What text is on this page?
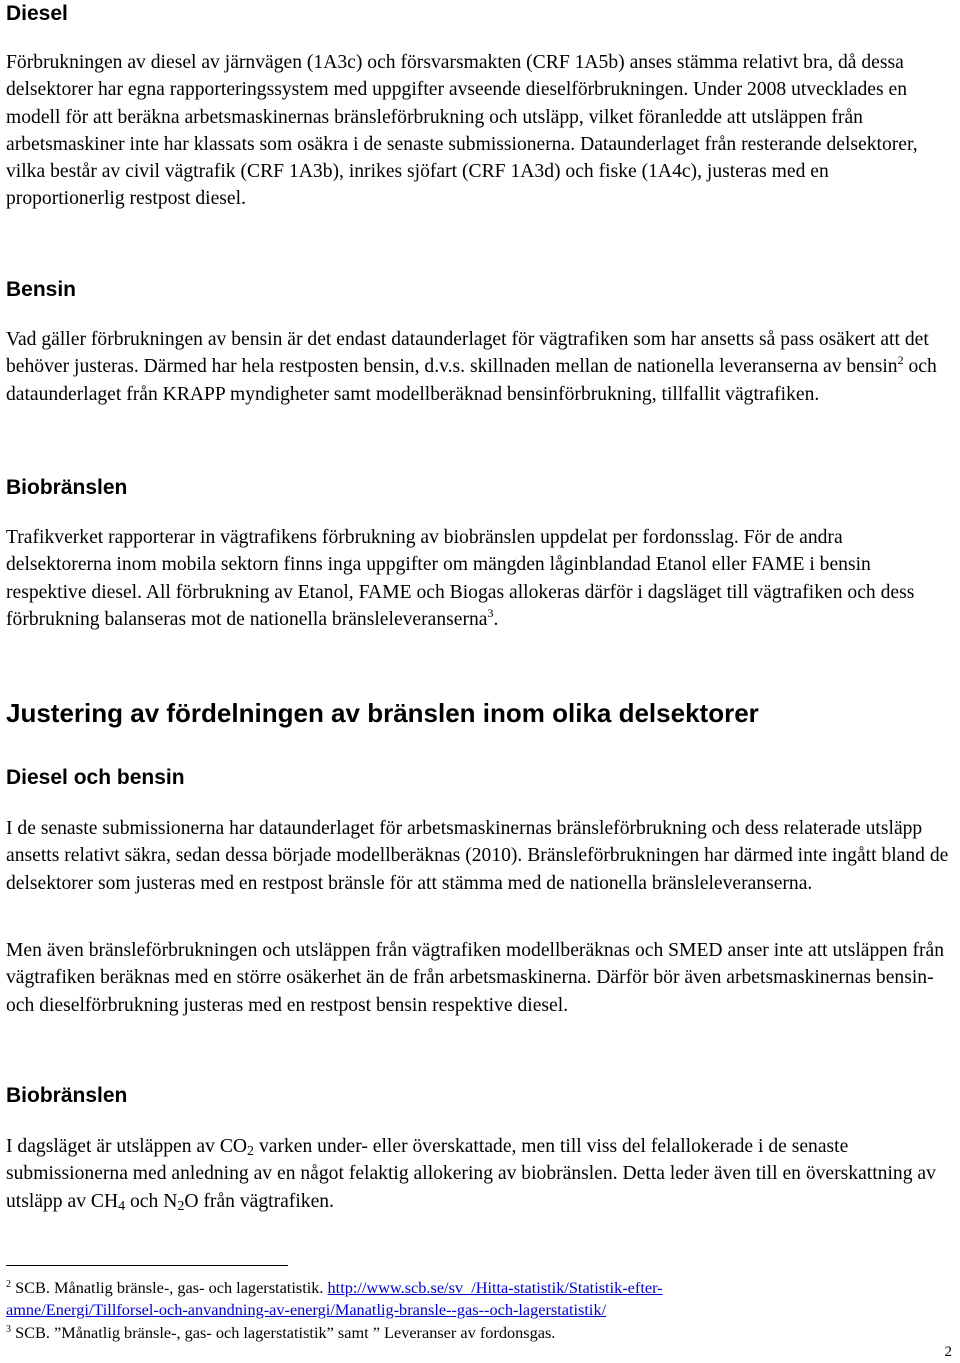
Diesel

Förbrukningen av diesel av järnvägen (1A3c) och försvarsmakten (CRF 1A5b) anses stämma relativt bra, då dessa delsektorer har egna rapporteringssystem med uppgifter avseende dieselförbrukningen. Under 2008 utvecklades en modell för att beräkna arbetsmaskinernas bränsleförbrukning och utsläpp, vilket föranledde att utsläppen från arbetsmaskiner inte har klassats som osäkra i de senaste submissionerna. Dataunderlaget från resterande delsektorer, vilka består av civil vägtrafik (CRF 1A3b), inrikes sjöfart (CRF 1A3d) och fiske (1A4c), justeras med en proportionerlig restpost diesel.

Bensin

Vad gäller förbrukningen av bensin är det endast dataunderlaget för vägtrafiken som har ansetts så pass osäkert att det behöver justeras. Därmed har hela restposten bensin, d.v.s. skillnaden mellan de nationella leveranserna av bensin$^2$ och dataunderlaget från KRAPP myndigheter samt modellberäknad bensinförbrukning, tillfallit vägtrafiken.

Biobränslen

Trafikverket rapporterar in vägtrafikens förbrukning av biobränslen uppdelat per fordonsslag. För de andra delsektorerna inom mobila sektorn finns inga uppgifter om mängden låginblandad Etanol eller FAME i bensin respektive diesel. All förbrukning av Etanol, FAME och Biogas allokeras därför i dagsläget till vägtrafiken och dess förbrukning balanseras mot de nationella bränsleleveranserna$^3$.

Justering av fördelningen av bränslen inom olika delsektorer
Diesel och bensin

I de senaste submissionerna har dataunderlaget för arbetsmaskinernas bränsleförbrukning och dess relaterade utsläpp ansetts relativt säkra, sedan dessa började modellberäknas (2010). Bränsleförbrukningen har därmed inte ingått bland de delsektorer som justeras med en restpost bränsle för att stämma med de nationella bränsleleveranserna.

Men även bränsleförbrukningen och utsläppen från vägtrafiken modellberäknas och SMED anser inte att utsläppen från vägtrafiken beräknas med en större osäkerhet än de från arbetsmaskinerna. Därför bör även arbetsmaskinernas bensin- och dieselförbrukning justeras med en restpost bensin respektive diesel.

Biobränslen

I dagsläget är utsläppen av $CO_2$ varken under- eller överskattade, men till viss del felallokerade i de senaste submissionerna med anledning av en något felaktig allokering av biobränslen. Detta leder även till en överskattning av utsläpp av $CH_4$ och $N_2O$ från vägtrafiken.

$^2$ SCB. Månatlig bränsle-, gas- och lagerstatistik. http://www.scb.se/sv_/Hitta-statistik/Statistik-efter-
amne/Energi/Tillforsel-och-anvandning-av-energi/Manatlig-bransle--gas--och-lagerstatistik/
$^3$ SCB. ”Månatlig bränsle-, gas- och lagerstatistik” samt ” Leveranser av fordonsgas.
2
